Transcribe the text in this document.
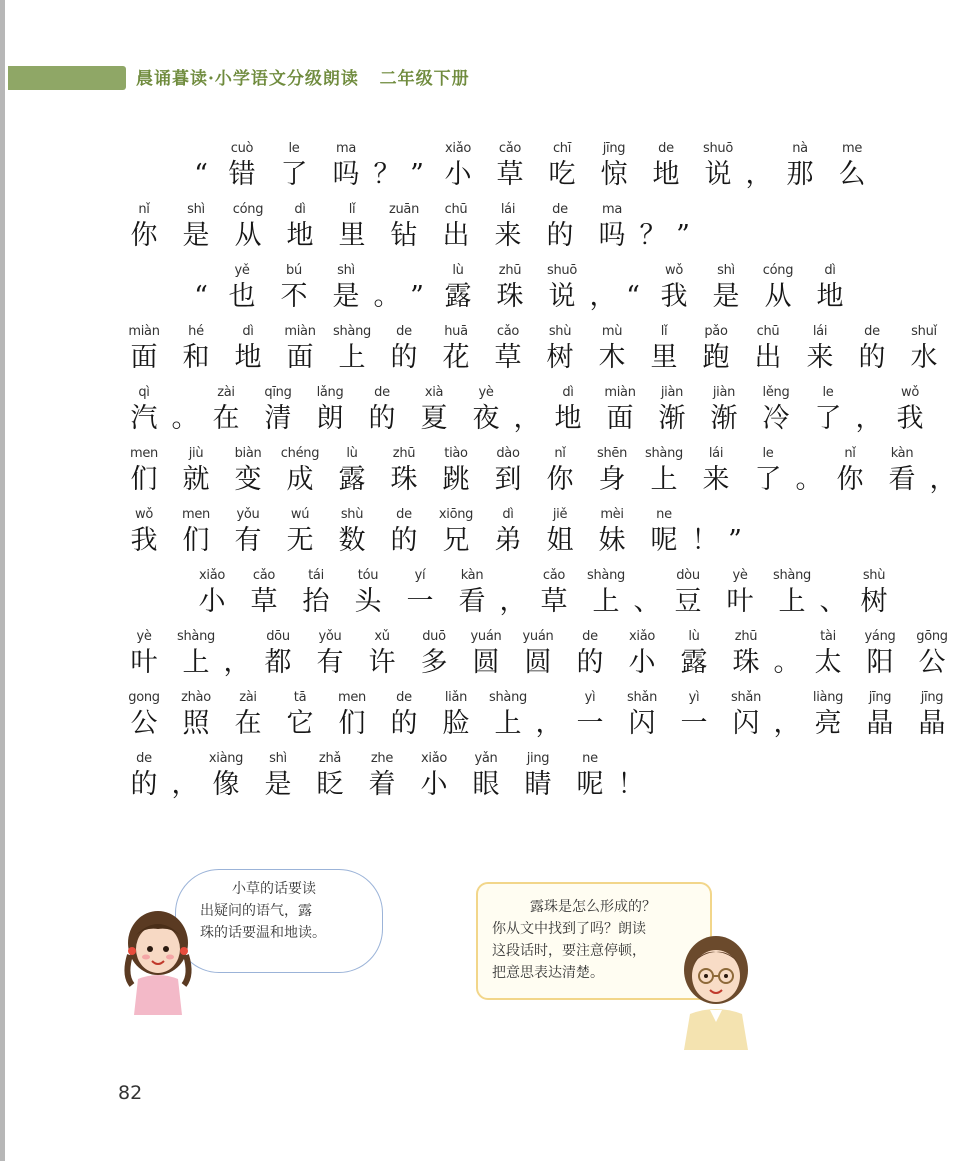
晨诵暮读·小学语文分级朗读   二年级下册
“
cuò
错
le
了
ma
吗 ？ ”
xiǎo
小
cǎo
草
chī
吃
jīng
惊
de
地
shuō
说 ，
nà
那
me
么
nǐ
你
shì
是
cóng
从
dì
地
lǐ
里
zuān
钻
chū
出
lái
来
de
的
ma
吗 ？ ”
“
yě
也
bú
不
shì
是 。 ”
lù
露
zhū
珠
shuō
说 ， “
wǒ
我
shì
是
cóng
从
dì
地
miàn
面
hé
和
dì
地
miàn
面
shàng
上
de
的
huā
花
cǎo
草
shù
树
mù
木
lǐ
里
pǎo
跑
chū
出
lái
来
de
的
shuǐ
水
qì
汽 。
zài
在
qīng
清
lǎng
朗
de
的
xià
夏
yè
夜 ，
dì
地
miàn
面
jiàn
渐
jiàn
渐
lěng
冷
le
了 ，
wǒ
我
men
们
jiù
就
biàn
变
chéng
成
lù
露
zhū
珠
tiào
跳
dào
到
nǐ
你
shēn
身
shàng
上
lái
来
le
了 。
nǐ
你
kàn
看 ，
wǒ
我
men
们
yǒu
有
wú
无
shù
数
de
的
xiōng
兄
dì
弟
jiě
姐
mèi
妹
ne
呢 ！ ”
xiǎo
小
cǎo
草
tái
抬
tóu
头
yí
一
kàn
看 ，
cǎo
草
shàng
上 、
dòu
豆
yè
叶
shàng
上 、
shù
树
yè
叶
shàng
上 ，
dōu
都
yǒu
有
xǔ
许
duō
多
yuán
圆
yuán
圆
de
的
xiǎo
小
lù
露
zhū
珠 。
tài
太
yáng
阳
gōng
公
gong
公
zhào
照
zài
在
tā
它
men
们
de
的
liǎn
脸
shàng
上 ，
yì
一
shǎn
闪
yì
一
shǎn
闪 ，
liàng
亮
jīng
晶
jīng
晶
de
的 ，
xiàng
像
shì
是
zhǎ
眨
zhe
着
xiǎo
小
yǎn
眼
jing
睛
ne
呢 ！

小草的话要读

出疑问的语气，露

珠的话要温和地读。

露珠是怎么形成的？

你从文中找到了吗？朗读

这段话时，要注意停顿，

把意思表达清楚。

82
